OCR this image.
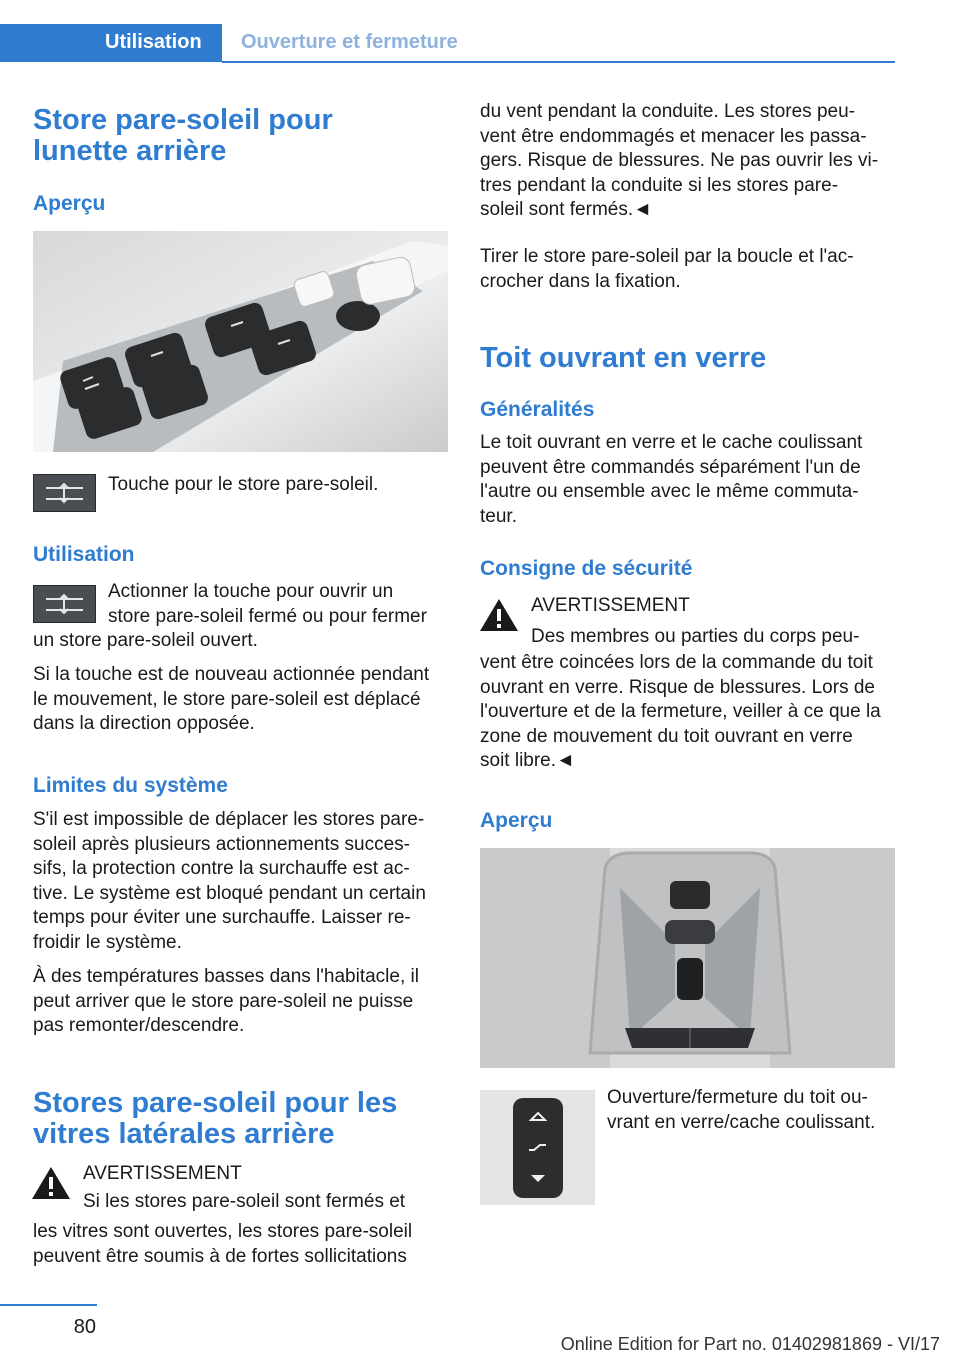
Utilisation	Ouverture et fermeture
Store pare-soleil pour
lunette arrière
Aperçu
Touche pour le store pare-soleil.
Utilisation
Actionner la touche pour ouvrir un
store pare-soleil fermé ou pour fermer
un store pare-soleil ouvert.
Si la touche est de nouveau actionnée pendant
le mouvement, le store pare-soleil est déplacé
dans la direction opposée.
Limites du système
S'il est impossible de déplacer les stores pare-
soleil après plusieurs actionnements succes-
sifs, la protection contre la surchauffe est ac-
tive. Le système est bloqué pendant un certain
temps pour éviter une surchauffe. Laisser re-
froidir le système.
À des températures basses dans l'habitacle, il
peut arriver que le store pare-soleil ne puisse
pas remonter/descendre.
Stores pare-soleil pour les
vitres latérales arrière
AVERTISSEMENT
Si les stores pare-soleil sont fermés et
les vitres sont ouvertes, les stores pare-soleil
peuvent être soumis à de fortes sollicitations
du vent pendant la conduite. Les stores peu-
vent être endommagés et menacer les passa-
gers. Risque de blessures. Ne pas ouvrir les vi-
tres pendant la conduite si les stores pare-
soleil sont fermés.◄
Tirer le store pare-soleil par la boucle et l'ac-
crocher dans la fixation.
Toit ouvrant en verre
Généralités
Le toit ouvrant en verre et le cache coulissant
peuvent être commandés séparément l'un de
l'autre ou ensemble avec le même commuta-
teur.
Consigne de sécurité
AVERTISSEMENT
Des membres ou parties du corps peu-
vent être coincées lors de la commande du toit
ouvrant en verre. Risque de blessures. Lors de
l'ouverture et de la fermeture, veiller à ce que la
zone de mouvement du toit ouvrant en verre
soit libre.◄
Aperçu
Ouverture/fermeture du toit ou-
vrant en verre/cache coulissant.
80
Online Edition for Part no. 01402981869 - VI/17
